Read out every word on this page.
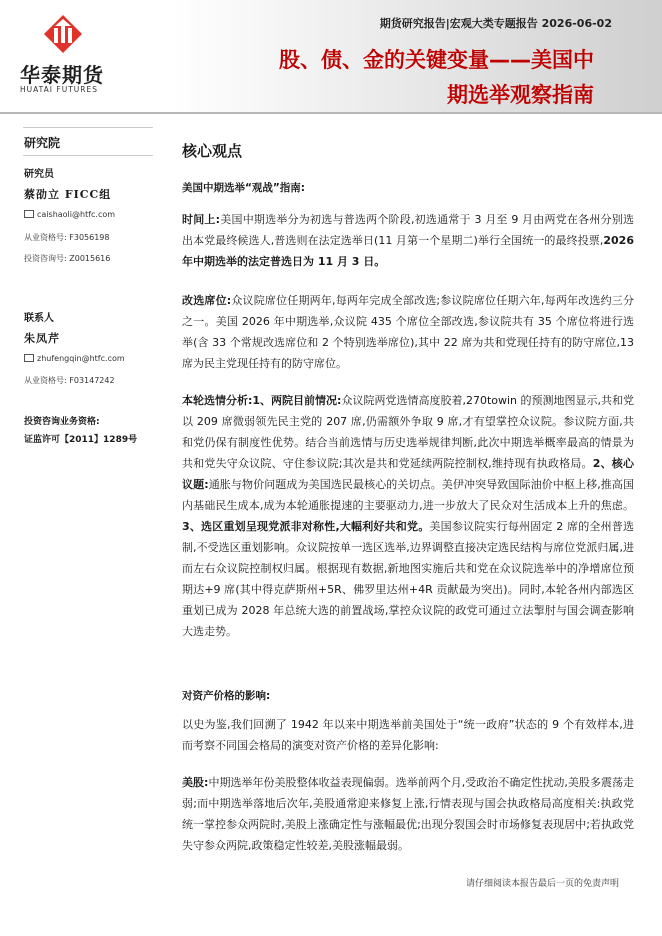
华泰期货
HUATAI FUTURES
期货研究报告|宏观大类专题报告 2026-06-02
股、债、金的关键变量——美国中
期选举观察指南
研究院
研究员
蔡劭立 FICC组
caishaoli@htfc.com
从业资格号: F3056198
投资咨询号: Z0015616
联系人
朱凤芹
zhufengqin@htfc.com
从业资格号: F03147242
投资咨询业务资格:
证监许可【2011】1289号
核心观点
美国中期选举“观战”指南:

时间上:美国中期选举分为初选与普选两个阶段,初选通常于 3 月至 9 月由两党在各州分别选出本党最终候选人,普选则在法定选举日(11 月第一个星期二)举行全国统一的最终投票,2026 年中期选举的法定普选日为 11 月 3 日。

改选席位:众议院席位任期两年,每两年完成全部改选;参议院席位任期六年,每两年改选约三分之一。美国 2026 年中期选举,众议院 435 个席位全部改选,参议院共有 35 个席位将进行选举(含 33 个常规改选席位和 2 个特别选举席位),其中 22 席为共和党现任持有的防守席位,13 席为民主党现任持有的防守席位。

本轮选情分析:1、两院目前情况:众议院两党选情高度胶着,270towin 的预测地图显示,共和党以 209 席微弱领先民主党的 207 席,仍需额外争取 9 席,才有望掌控众议院。参议院方面,共和党仍保有制度性优势。结合当前选情与历史选举规律判断,此次中期选举概率最高的情景为共和党失守众议院、守住参议院;其次是共和党延续两院控制权,维持现有执政格局。2、核心议题:通胀与物价问题成为美国选民最核心的关切点。美伊冲突导致国际油价中枢上移,推高国内基础民生成本,成为本轮通胀提速的主要驱动力,进一步放大了民众对生活成本上升的焦虑。3、选区重划呈现党派非对称性,大幅利好共和党。美国参议院实行每州固定 2 席的全州普选制,不受选区重划影响。众议院按单一选区选举,边界调整直接决定选民结构与席位党派归属,进而左右众议院控制权归属。根据现有数据,新地图实施后共和党在众议院选举中的净增席位预期达+9 席(其中得克萨斯州+5R、佛罗里达州+4R 贡献最为突出)。同时,本轮各州内部选区重划已成为 2028 年总统大选的前置战场,掌控众议院的政党可通过立法掣肘与国会调查影响大选走势。

对资产价格的影响:

以史为鉴,我们回溯了 1942 年以来中期选举前美国处于“统一政府”状态的 9 个有效样本,进而考察不同国会格局的演变对资产价格的差异化影响:

美股:中期选举年份美股整体收益表现偏弱。选举前两个月,受政治不确定性扰动,美股多震荡走弱;而中期选举落地后次年,美股通常迎来修复上涨,行情表现与国会执政格局高度相关:执政党统一掌控参众两院时,美股上涨确定性与涨幅最优;出现分裂国会时市场修复表现居中;若执政党失守参众两院,政策稳定性较差,美股涨幅最弱。

请仔细阅读本报告最后一页的免责声明
